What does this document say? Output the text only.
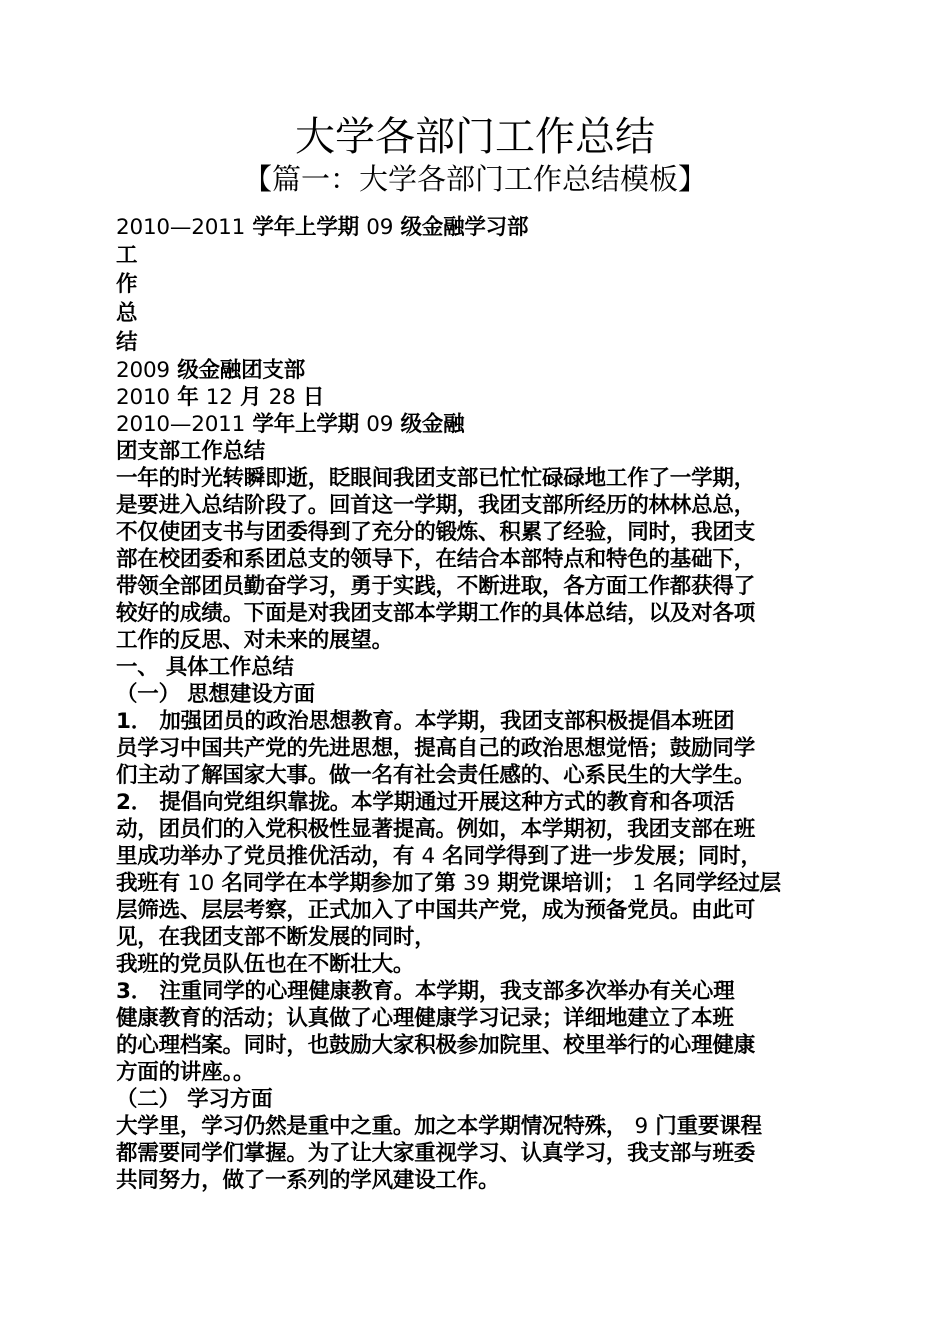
大学各部门工作总结
【篇一：大学各部门工作总结模板】
2010—2011 学年上学期 09 级金融学习部
工
作
总
结
2009 级金融团支部
2010 年 12 月 28 日
2010—2011 学年上学期 09 级金融
团支部工作总结
一年的时光转瞬即逝，眨眼间我团支部已忙忙碌碌地工作了一学期，
是要进入总结阶段了。回首这一学期，我团支部所经历的林林总总，
不仅使团支书与团委得到了充分的锻炼、积累了经验，同时，我团支
部在校团委和系团总支的领导下，在结合本部特点和特色的基础下，
带领全部团员勤奋学习，勇于实践，不断进取，各方面工作都获得了
较好的成绩。下面是对我团支部本学期工作的具体总结，以及对各项
工作的反思、对未来的展望。
一、 具体工作总结
（一） 思想建设方面
1． 加强团员的政治思想教育。本学期，我团支部积极提倡本班团
员学习中国共产党的先进思想，提高自己的政治思想觉悟；鼓励同学
们主动了解国家大事。做一名有社会责任感的、心系民生的大学生。
2． 提倡向党组织靠拢。本学期通过开展这种方式的教育和各项活
动，团员们的入党积极性显著提高。例如，本学期初，我团支部在班
里成功举办了党员推优活动，有 4 名同学得到了进一步发展；同时，
我班有 10 名同学在本学期参加了第 39 期党课培训； 1 名同学经过层
层筛选、层层考察，正式加入了中国共产党，成为预备党员。由此可
见，在我团支部不断发展的同时，
我班的党员队伍也在不断壮大。
3． 注重同学的心理健康教育。本学期，我支部多次举办有关心理
健康教育的活动；认真做了心理健康学习记录；详细地建立了本班
的心理档案。同时，也鼓励大家积极参加院里、校里举行的心理健康
方面的讲座。。
（二） 学习方面
大学里，学习仍然是重中之重。加之本学期情况特殊， 9 门重要课程
都需要同学们掌握。为了让大家重视学习、认真学习，我支部与班委
共同努力，做了一系列的学风建设工作。
